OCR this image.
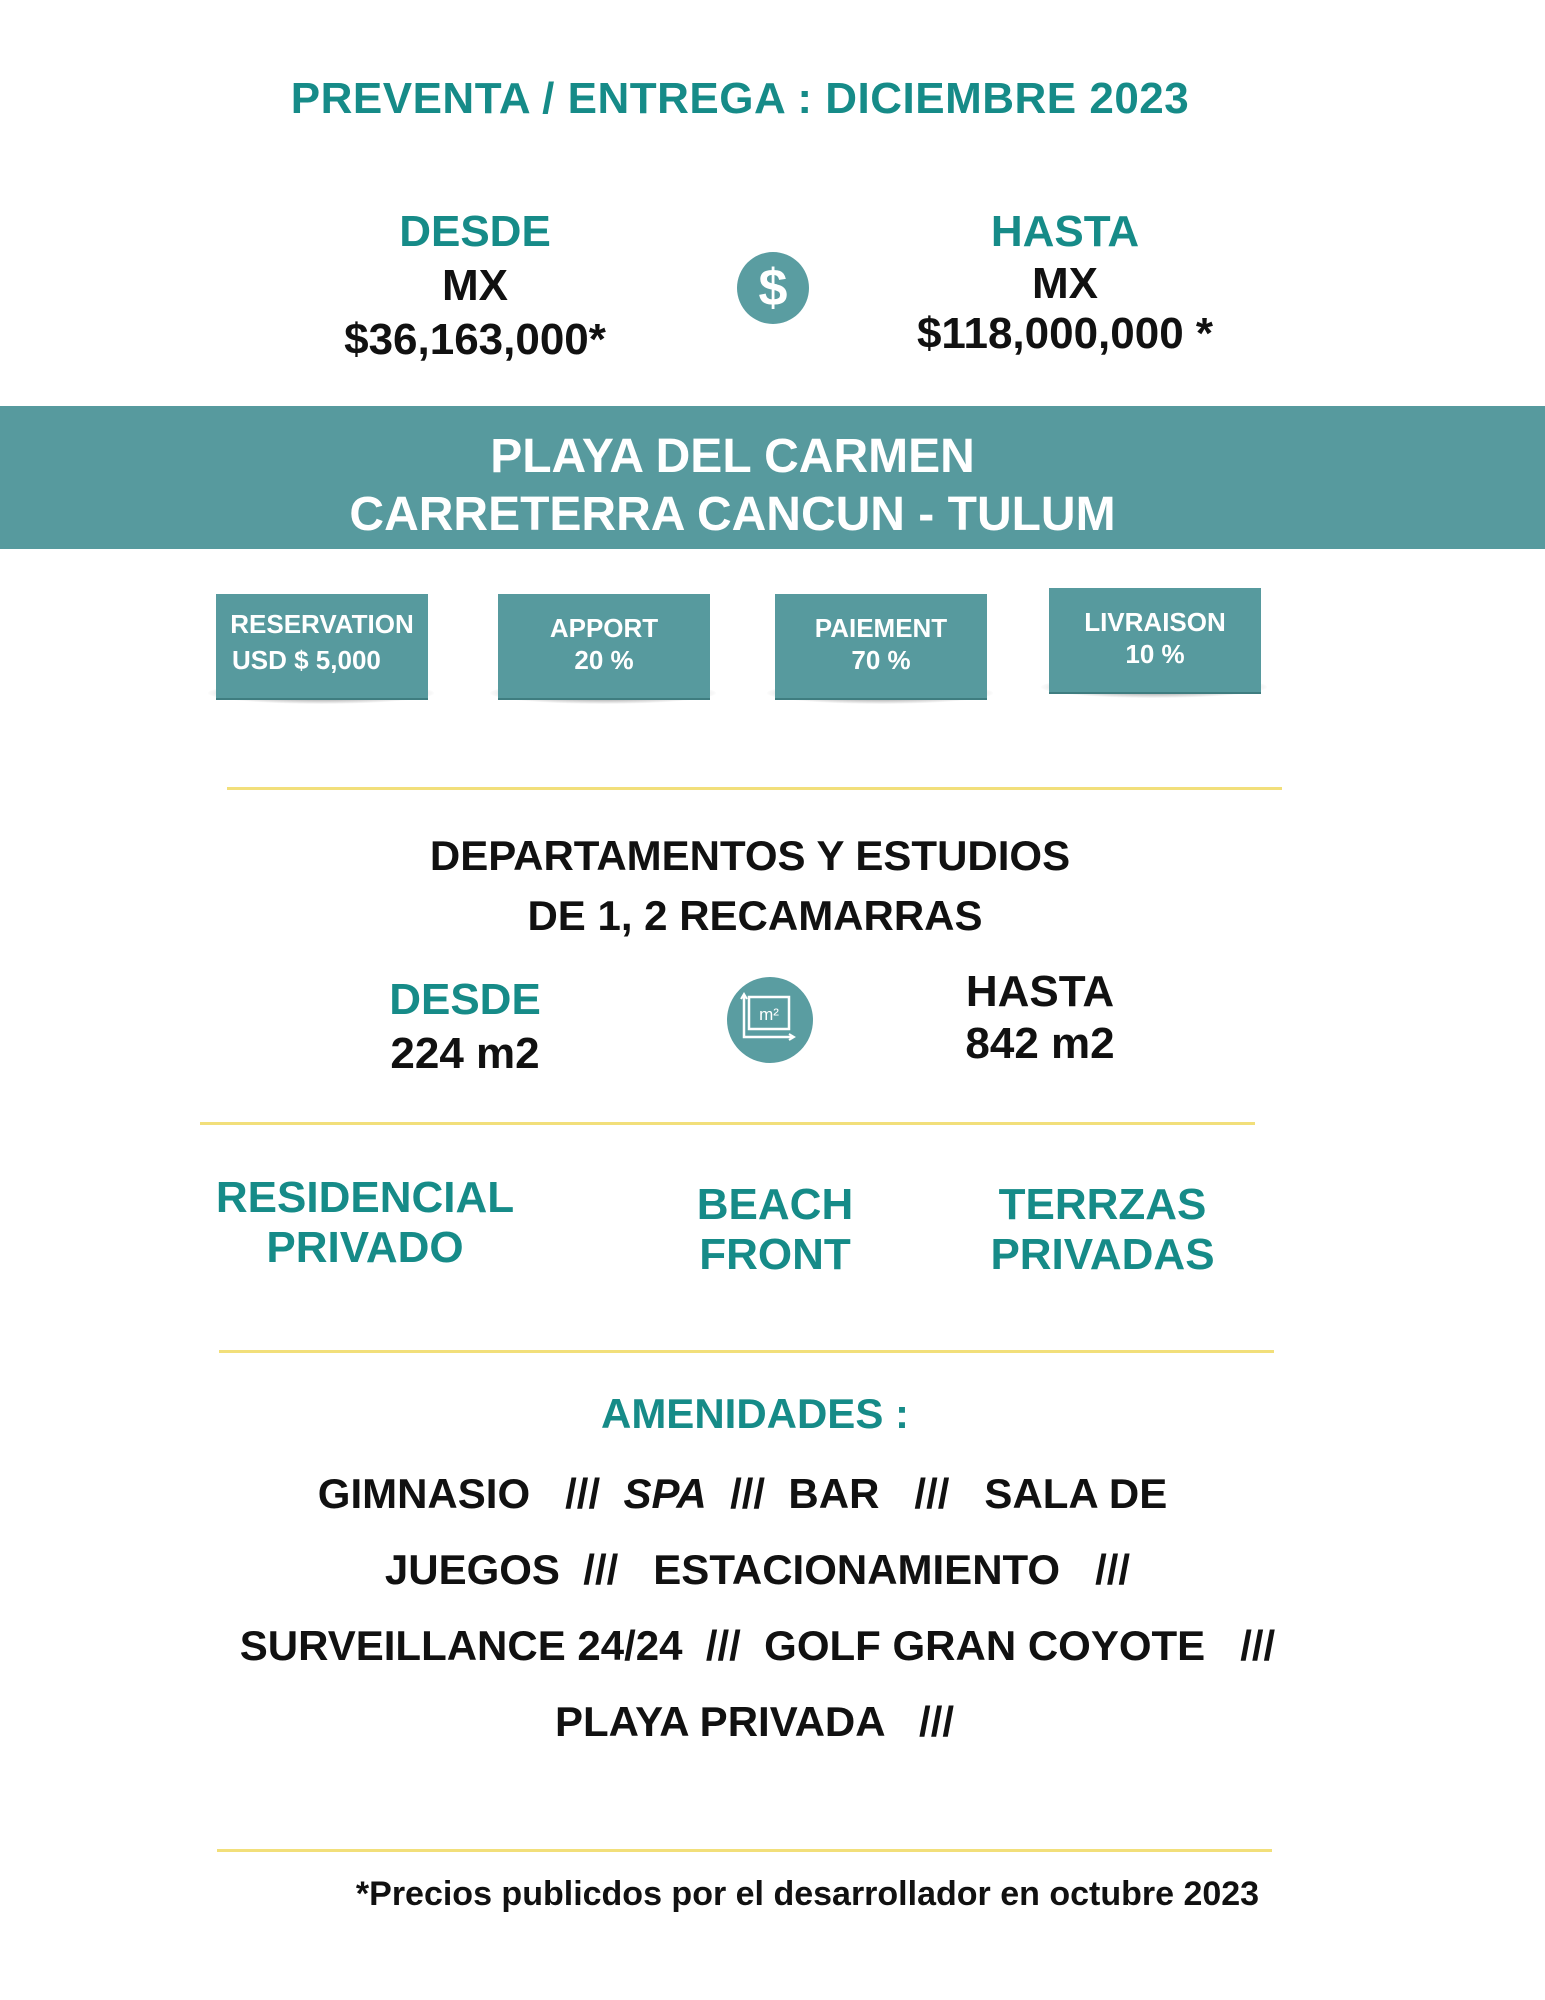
PREVENTA / ENTREGA : DICIEMBRE 2023
DESDE
MX
$36,163,000*
$
HASTA
MX
$118,000,000 *
PLAYA DEL CARMEN
CARRETERRA CANCUN - TULUM
RESERVATION
USD $ 5,000
APPORT
20 %
PAIEMENT
70 %
LIVRAISON
10 %
DEPARTAMENTOS Y ESTUDIOS
DE 1, 2 RECAMARRAS
DESDE
224 m2
m²	HASTA
842 m2
RESIDENCIAL
PRIVADO
BEACH
FRONT
TERRZAS
PRIVADAS
AMENIDADES :
GIMNASIO   ///  SPA  ///  BAR   ///   SALA DE
JUEGOS  ///   ESTACIONAMIENTO   ///
SURVEILLANCE 24/24  ///  GOLF GRAN COYOTE   ///
PLAYA PRIVADA   ///
*Precios publicdos por el desarrollador en octubre 2023
